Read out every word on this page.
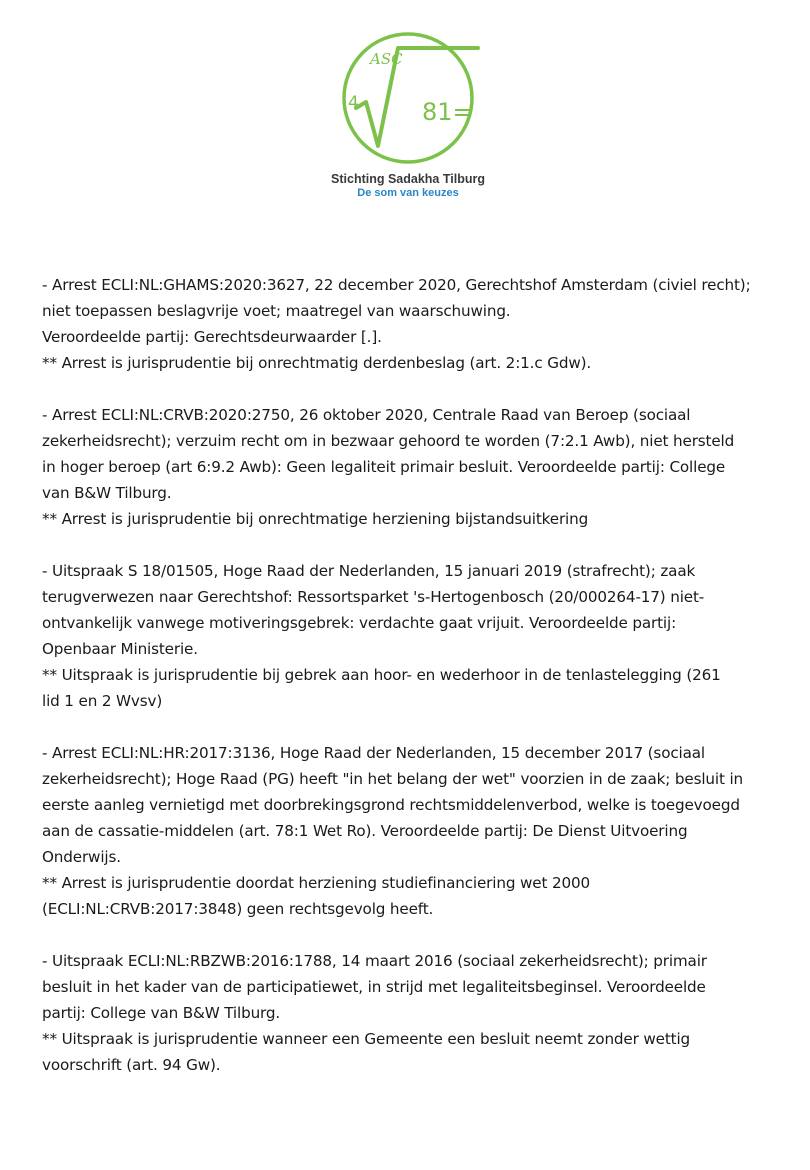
ASC
4	81=
Stichting Sadakha Tilburg
De som van keuzes
- Arrest ECLI:NL:GHAMS:2020:3627, 22 december 2020, Gerechtshof Amsterdam (civiel recht);
niet toepassen beslagvrije voet; maatregel van waarschuwing.
Veroordeelde partij: Gerechtsdeurwaarder [.].
** Arrest is jurisprudentie bij onrechtmatig derdenbeslag (art. 2:1.c Gdw).
- Arrest ECLI:NL:CRVB:2020:2750, 26 oktober 2020, Centrale Raad van Beroep (sociaal
zekerheidsrecht); verzuim recht om in bezwaar gehoord te worden (7:2.1 Awb), niet hersteld
in hoger beroep (art 6:9.2 Awb): Geen legaliteit primair besluit. Veroordeelde partij: College
van B&W Tilburg.
** Arrest is jurisprudentie bij onrechtmatige herziening bijstandsuitkering
- Uitspraak S 18/01505, Hoge Raad der Nederlanden, 15 januari 2019 (strafrecht); zaak
terugverwezen naar Gerechtshof: Ressortsparket 's-Hertogenbosch (20/000264-17) niet-
ontvankelijk vanwege motiveringsgebrek: verdachte gaat vrijuit. Veroordeelde partij:
Openbaar Ministerie.
** Uitspraak is jurisprudentie bij gebrek aan hoor- en wederhoor in de tenlastelegging (261
lid 1 en 2 Wvsv)
- Arrest ECLI:NL:HR:2017:3136, Hoge Raad der Nederlanden, 15 december 2017 (sociaal
zekerheidsrecht); Hoge Raad (PG) heeft "in het belang der wet" voorzien in de zaak; besluit in
eerste aanleg vernietigd met doorbrekingsgrond rechtsmiddelenverbod, welke is toegevoegd
aan de cassatie-middelen (art. 78:1 Wet Ro). Veroordeelde partij: De Dienst Uitvoering
Onderwijs.
** Arrest is jurisprudentie doordat herziening studiefinanciering wet 2000
(ECLI:NL:CRVB:2017:3848) geen rechtsgevolg heeft.
- Uitspraak ECLI:NL:RBZWB:2016:1788, 14 maart 2016 (sociaal zekerheidsrecht); primair
besluit in het kader van de participatiewet, in strijd met legaliteitsbeginsel. Veroordeelde
partij: College van B&W Tilburg.
** Uitspraak is jurisprudentie wanneer een Gemeente een besluit neemt zonder wettig
voorschrift (art. 94 Gw).
